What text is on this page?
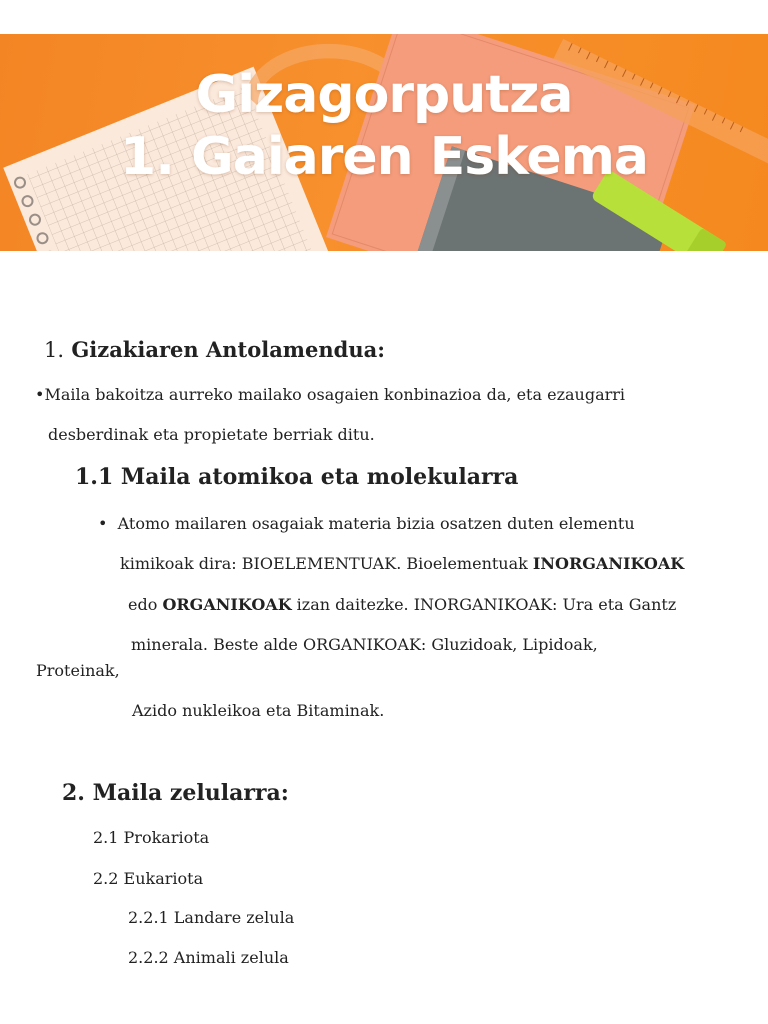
Gizagorputza
1. Gaiaren Eskema
1. Gizakiaren Antolamendua:
•Maila bakoitza aurreko mailako osagaien konbinazioa da, eta ezaugarri
desberdinak eta propietate berriak ditu.
1.1 Maila atomikoa eta molekularra
• Atomo mailaren osagaiak materia bizia osatzen duten elementu
kimikoak dira: BIOELEMENTUAK. Bioelementuak INORGANIKOAK
edo ORGANIKOAK izan daitezke. INORGANIKOAK: Ura eta Gantz
minerala. Beste alde ORGANIKOAK: Gluzidoak, Lipidoak,
Proteinak,
Azido nukleikoa eta Bitaminak.
2. Maila zelularra:
2.1 Prokariota
2.2 Eukariota
2.2.1 Landare zelula
2.2.2 Animali zelula
